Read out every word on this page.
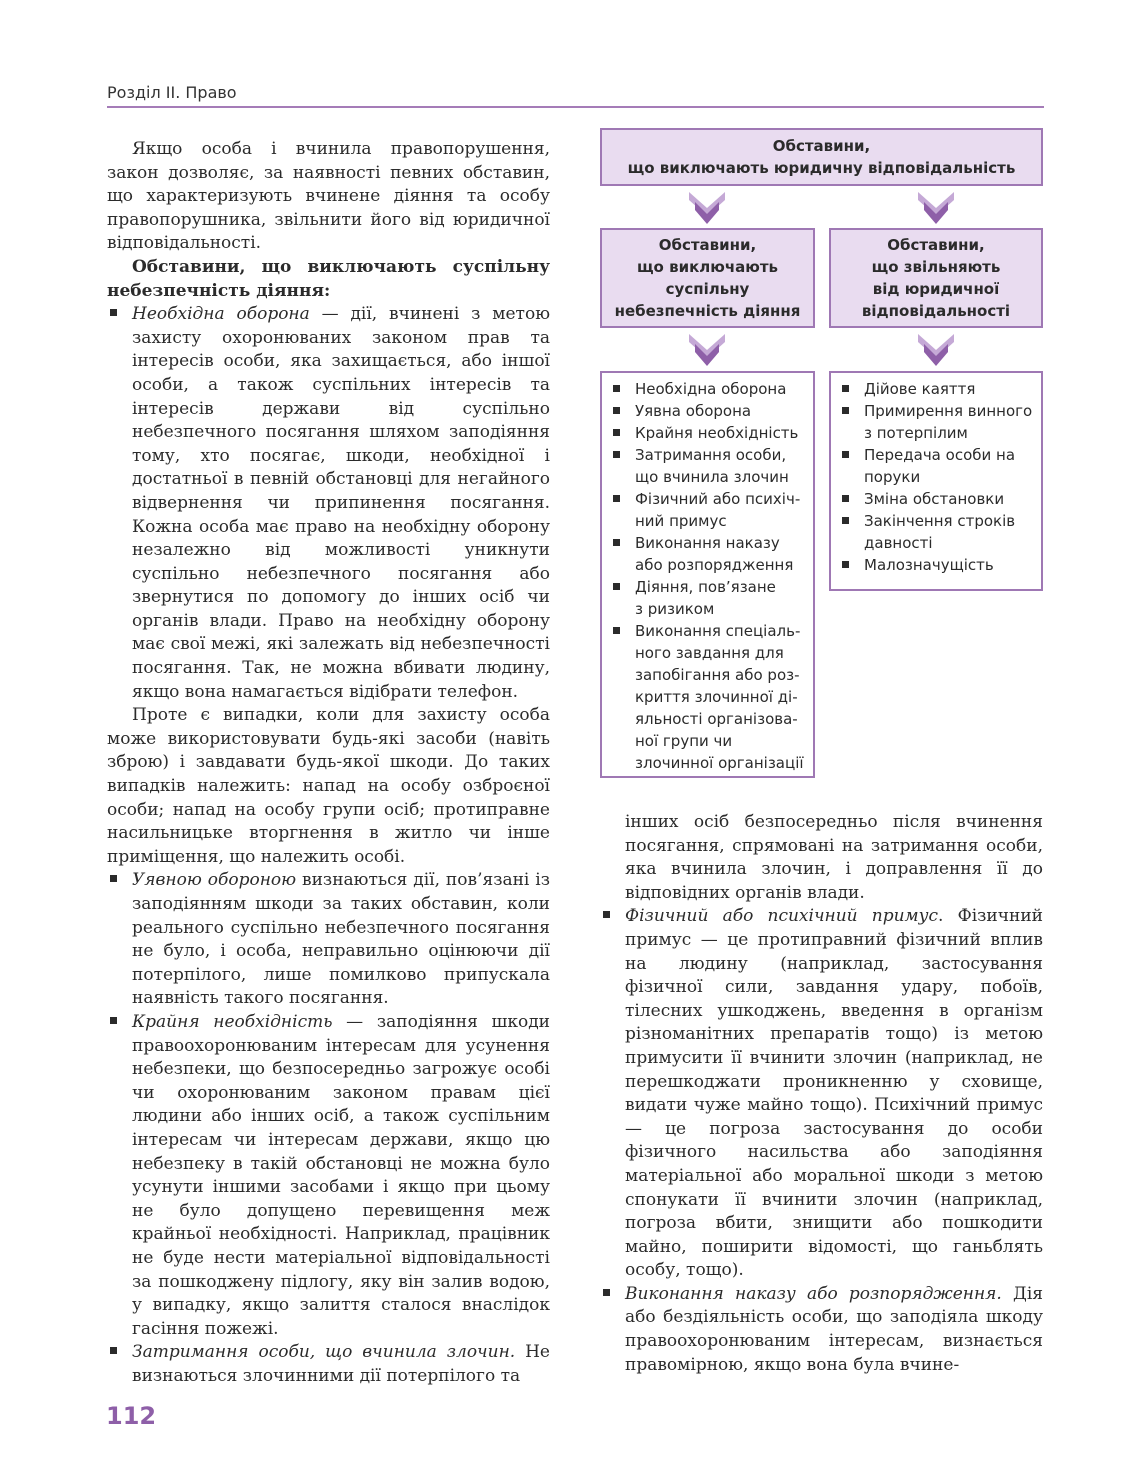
Розділ ІІ. Право

Якщо особа і вчинила правопорушення, закон дозволяє, за наявності певних обставин, що характеризують вчинене діяння та особу правопорушника, звільнити його від юридичної відповідальності.

Обставини, що виключають суспільну небезпечність діяння:

Необхідна оборона — дії, вчинені з метою захисту охоронюваних законом прав та інтересів особи, яка захищається, або іншої особи, а також суспільних інтересів та інтересів держави від суспільно небезпечного посягання шляхом заподіяння тому, хто посягає, шкоди, необхідної і достатньої в певній обстановці для негайного відвернення чи припинення посягання. Кожна особа має право на необхідну оборону незалежно від можливості уникнути суспільно небезпечного посягання або звернутися по допомогу до інших осіб чи органів влади. Право на необхідну оборону має свої межі, які залежать від небезпечності посягання. Так, не можна вбивати людину, якщо вона намагається відібрати телефон.

Проте є випадки, коли для захисту особа може використовувати будь-які засоби (навіть зброю) і завдавати будь-якої шкоди. До таких випадків належить: напад на особу озброєної особи; напад на особу групи осіб; протиправне насильницьке вторгнення в житло чи інше приміщення, що належить особі.

Уявною обороною визнаються дії, пов’язані із заподіянням шкоди за таких обставин, коли реального суспільно небезпечного посягання не було, і особа, неправильно оцінюючи дії потерпілого, лише помилково припускала наявність такого посягання.
Крайня необхідність — заподіяння шкоди правоохоронюваним інтересам для усунення небезпеки, що безпосередньо загрожує особі чи охоронюваним законом правам цієї людини або інших осіб, а також суспільним інтересам чи інтересам держави, якщо цю небезпеку в такій обстановці не можна було усунути іншими засобами і якщо при цьому не було допущено перевищення меж крайньої необхідності. Наприклад, працівник не буде нести матеріальної відповідальності за пошкоджену підлогу, яку він залив водою, у випадку, якщо залиття сталося внаслідок гасіння пожежі.
Затримання особи, що вчинила злочин. Не визнаються злочинними дії потерпілого та
Обставини,
що виключають юридичну відповідальність
Обставини,
що виключають
суспільну
небезпечність діяння
Обставини,
що звільняють
від юридичної
відповідальності
Необхідна оборона
Уявна оборона
Крайня необхідність
Затримання особи,
що вчинила злочин
Фізичний або психіч-
ний примус
Виконання наказу
або розпорядження
Діяння, пов’язане
з ризиком
Виконання спеціаль-
ного завдання для
запобігання або роз-
криття злочинної ді-
яльності організова-
ної групи чи
злочинної організації
Дійове каяття
Примирення винного
з потерпілим
Передача особи на
поруки
Зміна обстановки
Закінчення строків
давності
Малозначущість

інших осіб безпосередньо після вчинення посягання, спрямовані на затримання особи, яка вчинила злочин, і доправлення її до відповідних органів влади.

Фізичний або психічний примус. Фізичний примус — це протиправний фізичний вплив на людину (наприклад, застосування фізичної сили, завдання удару, побоїв, тілесних ушкоджень, введення в організм різноманітних препаратів тощо) із метою примусити її вчинити злочин (наприклад, не перешкоджати проникненню у сховище, видати чуже майно тощо). Психічний примус — це погроза застосування до особи фізичного насильства або заподіяння матеріальної або моральної шкоди з метою спонукати її вчинити злочин (наприклад, погроза вбити, знищити або пошкодити майно, поширити відомості, що ганьблять особу, тощо).
Виконання наказу або розпорядження. Дія або бездіяльність особи, що заподіяла шкоду правоохоронюваним інтересам, визнається правомірною, якщо вона була вчине-
112
